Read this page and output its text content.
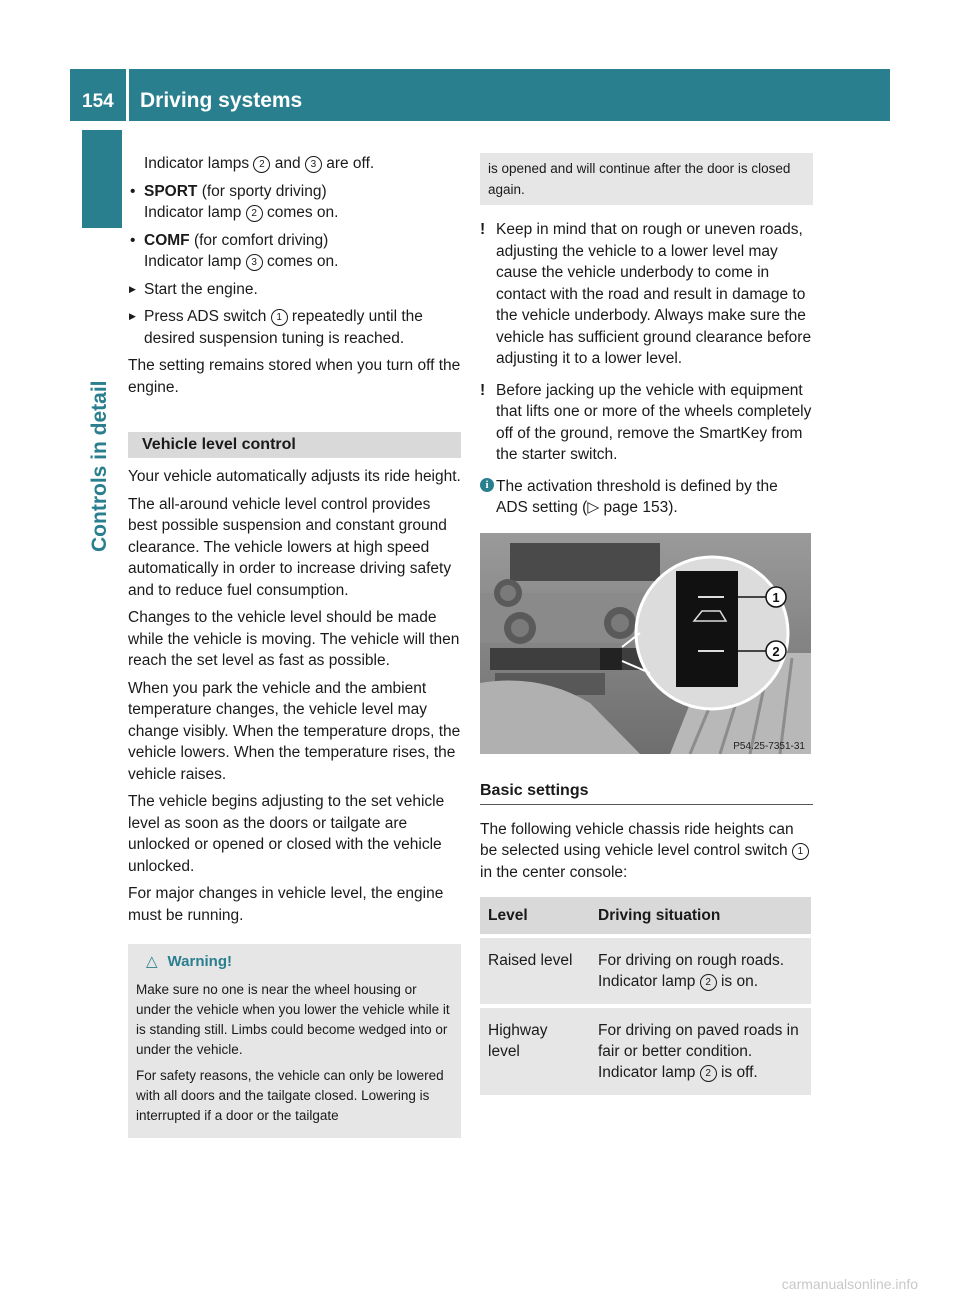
154 Driving systems
Controls in detail

Indicator lamps 2 and 3 are off.

• SPORT (for sporty driving)
Indicator lamp 2 comes on.

• COMF (for comfort driving)
Indicator lamp 3 comes on.

▶ Start the engine.

▶ Press ADS switch 1 repeatedly until the desired suspension tuning is reached.

The setting remains stored when you turn off the engine.

Vehicle level control

Your vehicle automatically adjusts its ride height.

The all-around vehicle level control provides best possible suspension and constant ground clearance. The vehicle lowers at high speed automatically in order to increase driving safety and to reduce fuel consumption.

Changes to the vehicle level should be made while the vehicle is moving. The vehicle will then reach the set level as fast as possible.

When you park the vehicle and the ambient temperature changes, the vehicle level may change visibly. When the temperature drops, the vehicle lowers. When the temperature rises, the vehicle raises.

The vehicle begins adjusting to the set vehicle level as soon as the doors or tailgate are unlocked or opened or closed with the vehicle unlocked.

For major changes in vehicle level, the engine must be running.

△ Warning!

Make sure no one is near the wheel housing or under the vehicle when you lower the vehicle while it is standing still. Limbs could become wedged into or under the vehicle.

For safety reasons, the vehicle can only be lowered with all doors and the tailgate closed. Lowering is interrupted if a door or the tailgate

is opened and will continue after the door is closed again.

! Keep in mind that on rough or uneven roads, adjusting the vehicle to a lower level may cause the vehicle underbody to come in contact with the road and result in damage to the vehicle underbody. Always make sure the vehicle has sufficient ground clearance before adjusting it to a lower level.

! Before jacking up the vehicle with equipment that lifts one or more of the wheels completely off of the ground, remove the SmartKey from the starter switch.

i The activation threshold is defined by the ADS setting (▷ page 153).

1
2
P54.25-7351-31
Basic settings

The following vehicle chassis ride heights can be selected using vehicle level control switch 1 in the center console:

Level	Driving situation
Raised level	For driving on rough roads. Indicator lamp 2 is on.
Highway level	For driving on paved roads in fair or better condition. Indicator lamp 2 is off.
carmanualsonline.info
